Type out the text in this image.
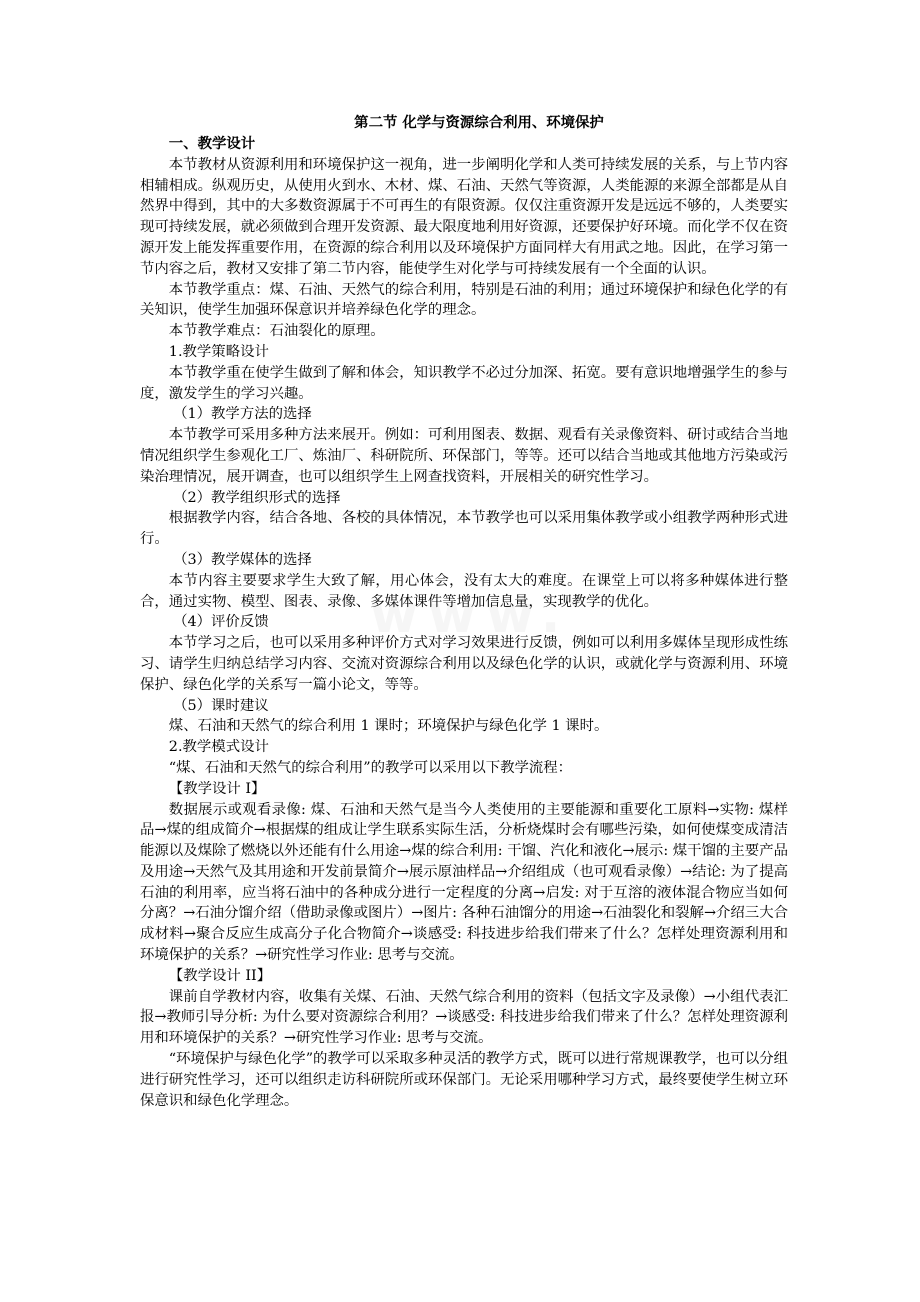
第二节 化学与资源综合利用、环境保护
一、教学设计

本节教材从资源利用和环境保护这一视角，进一步阐明化学和人类可持续发展的关系，与上节内容相辅相成。纵观历史，从使用火到水、木材、煤、石油、天然气等资源，人类能源的来源全部都是从自然界中得到，其中的大多数资源属于不可再生的有限资源。仅仅注重资源开发是远远不够的，人类要实现可持续发展，就必须做到合理开发资源、最大限度地利用好资源，还要保护好环境。而化学不仅在资源开发上能发挥重要作用，在资源的综合利用以及环境保护方面同样大有用武之地。因此，在学习第一节内容之后，教材又安排了第二节内容，能使学生对化学与可持续发展有一个全面的认识。

本节教学重点：煤、石油、天然气的综合利用，特别是石油的利用；通过环境保护和绿色化学的有关知识，使学生加强环保意识并培养绿色化学的理念。

本节教学难点：石油裂化的原理。

1.教学策略设计

本节教学重在使学生做到了解和体会，知识教学不必过分加深、拓宽。要有意识地增强学生的参与度，激发学生的学习兴趣。

（1）教学方法的选择

本节教学可采用多种方法来展开。例如：可利用图表、数据、观看有关录像资料、研讨或结合当地情况组织学生参观化工厂、炼油厂、科研院所、环保部门，等等。还可以结合当地或其他地方污染或污染治理情况，展开调查，也可以组织学生上网查找资料，开展相关的研究性学习。

（2）教学组织形式的选择

根据教学内容，结合各地、各校的具体情况，本节教学也可以采用集体教学或小组教学两种形式进行。

（3）教学媒体的选择

本节内容主要要求学生大致了解，用心体会，没有太大的难度。在课堂上可以将多种媒体进行整合，通过实物、模型、图表、录像、多媒体课件等增加信息量，实现教学的优化。

（4）评价反馈

本节学习之后，也可以采用多种评价方式对学习效果进行反馈，例如可以利用多媒体呈现形成性练习、请学生归纳总结学习内容、交流对资源综合利用以及绿色化学的认识，或就化学与资源利用、环境保护、绿色化学的关系写一篇小论文，等等。

（5）课时建议

煤、石油和天然气的综合利用 1 课时；环境保护与绿色化学 1 课时。

2.教学模式设计

“煤、石油和天然气的综合利用”的教学可以采用以下教学流程：

【教学设计 I】

数据展示或观看录像: 煤、石油和天然气是当今人类使用的主要能源和重要化工原料→实物: 煤样品→煤的组成简介→根据煤的组成让学生联系实际生活，分析烧煤时会有哪些污染，如何使煤变成清洁能源以及煤除了燃烧以外还能有什么用途→煤的综合利用: 干馏、汽化和液化→展示: 煤干馏的主要产品及用途→天然气及其用途和开发前景简介→展示原油样品→介绍组成（也可观看录像）→结论: 为了提高石油的利用率，应当将石油中的各种成分进行一定程度的分离→启发: 对于互溶的液体混合物应当如何分离？→石油分馏介绍（借助录像或图片）→图片: 各种石油馏分的用途→石油裂化和裂解→介绍三大合成材料→聚合反应生成高分子化合物简介→谈感受: 科技进步给我们带来了什么？怎样处理资源利用和环境保护的关系？→研究性学习作业: 思考与交流。

【教学设计 II】

课前自学教材内容，收集有关煤、石油、天然气综合利用的资料（包括文字及录像）→小组代表汇报→教师引导分析: 为什么要对资源综合利用？→谈感受: 科技进步给我们带来了什么？怎样处理资源利用和环境保护的关系？→研究性学习作业: 思考与交流。

“环境保护与绿色化学”的教学可以采取多种灵活的教学方式，既可以进行常规课教学，也可以分组进行研究性学习，还可以组织走访科研院所或环保部门。无论采用哪种学习方式，最终要使学生树立环保意识和绿色化学理念。
